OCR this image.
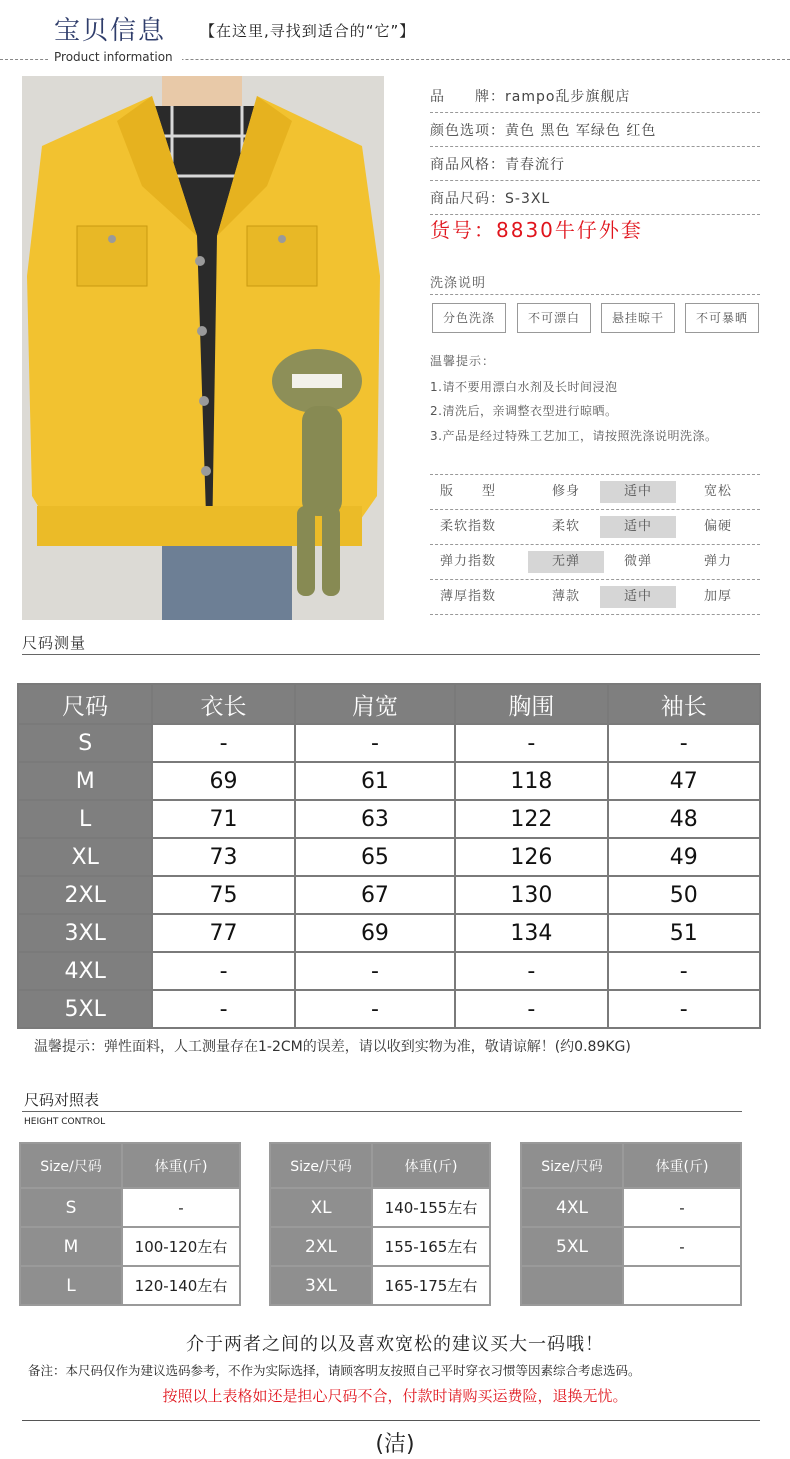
宝贝信息 【在这里,寻找到适合的“它”】
Product information
品　　牌：rampo乱步旗舰店
颜色选项：黄色 黑色 军绿色 红色
商品风格：青春流行
商品尺码：S-3XL
货号：8830牛仔外套
洗涤说明
分色洗涤	不可漂白	悬挂晾干	不可暴晒
温馨提示：
1.请不要用漂白水剂及长时间浸泡
2.清洗后，亲调整衣型进行晾晒。
3.产品是经过特殊工艺加工，请按照洗涤说明洗涤。
版　　型	修身	适中	宽松
柔软指数	柔软	适中	偏硬
弹力指数	无弹	微弹	弹力
薄厚指数	薄款	适中	加厚
尺码测量
尺码	衣长	肩宽	胸围	袖长
S	-	-	-	-
M	69	61	118	47
L	71	63	122	48
XL	73	65	126	49
2XL	75	67	130	50
3XL	77	69	134	51
4XL	-	-	-	-
5XL	-	-	-	-
温馨提示：弹性面料，人工测量存在1-2CM的误差，请以收到实物为准，敬请谅解！(约0.89KG)
尺码对照表
HEIGHT CONTROL
Size/尺码	体重(斤)
S	-
M	100-120左右
L	120-140左右
Size/尺码	体重(斤)
XL	140-155左右
2XL	155-165左右
3XL	165-175左右
Size/尺码	体重(斤)
4XL	-
5XL	-

介于两者之间的以及喜欢宽松的建议买大一码哦！
备注：本尺码仅作为建议选码参考，不作为实际选择，请顾客明友按照自己平时穿衣习惯等因素综合考虑选码。
按照以上表格如还是担心尺码不合，付款时请购买运费险，退换无忧。
(洁)
